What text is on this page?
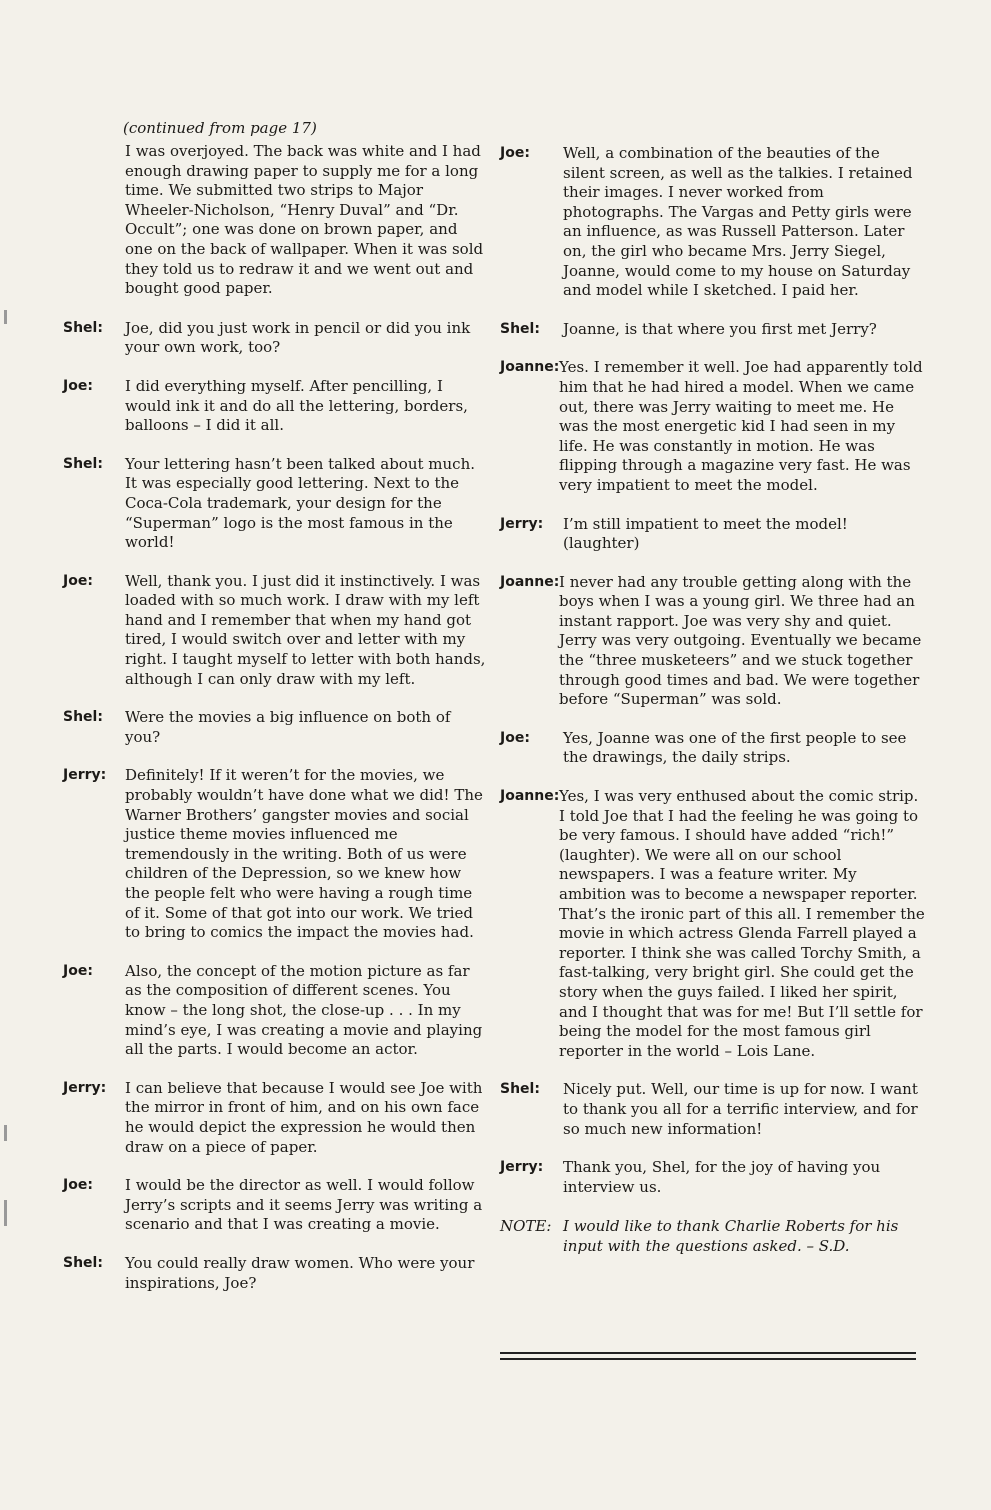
(continued from page 17)
I was overjoyed. The back was white and I had enough drawing paper to supply me for a long time. We submitted two strips to Major Wheeler-Nicholson, “Henry Duval” and “Dr. Occult”; one was done on brown paper, and one on the back of wallpaper. When it was sold they told us to redraw it and we went out and bought good paper.
Shel:	Joe, did you just work in pencil or did you ink your own work, too?
Joe:	I did everything myself. After pencilling, I would ink it and do all the lettering, borders, balloons – I did it all.
Shel:	Your lettering hasn’t been talked about much. It was especially good lettering. Next to the Coca-Cola trademark, your design for the “Superman” logo is the most famous in the world!
Joe:	Well, thank you. I just did it instinctively. I was loaded with so much work. I draw with my left hand and I remember that when my hand got tired, I would switch over and letter with my right. I taught myself to letter with both hands, although I can only draw with my left.
Shel:	Were the movies a big influence on both of you?
Jerry:	Definitely! If it weren’t for the movies, we probably wouldn’t have done what we did! The Warner Brothers’ gangster movies and social justice theme movies influenced me tremendously in the writing. Both of us were children of the Depression, so we knew how the people felt who were having a rough time of it. Some of that got into our work. We tried to bring to comics the impact the movies had.
Joe:	Also, the concept of the motion picture as far as the composition of different scenes. You know – the long shot, the close-up . . . In my mind’s eye, I was creating a movie and playing all the parts. I would become an actor.
Jerry:	I can believe that because I would see Joe with the mirror in front of him, and on his own face he would depict the expression he would then draw on a piece of paper.
Joe:	I would be the director as well. I would follow Jerry’s scripts and it seems Jerry was writing a scenario and that I was creating a movie.
Shel:	You could really draw women. Who were your inspirations, Joe?
Joe:	Well, a combination of the beauties of the silent screen, as well as the talkies. I retained their images. I never worked from photographs. The Vargas and Petty girls were an influence, as was Russell Patterson. Later on, the girl who became Mrs. Jerry Siegel, Joanne, would come to my house on Saturday and model while I sketched. I paid her.
Shel:	Joanne, is that where you first met Jerry?
Joanne: Yes. I remember it well. Joe had apparently told him that he had hired a model. When we came out, there was Jerry waiting to meet me. He was the most energetic kid I had seen in my life. He was constantly in motion. He was flipping through a magazine very fast. He was very impatient to meet the model.
Jerry:	I’m still impatient to meet the model! (laughter)
Joanne: I never had any trouble getting along with the boys when I was a young girl. We three had an instant rapport. Joe was very shy and quiet. Jerry was very outgoing. Eventually we became the “three musketeers” and we stuck together through good times and bad. We were together before “Superman” was sold.
Joe:	Yes, Joanne was one of the first people to see the drawings, the daily strips.
Joanne: Yes, I was very enthused about the comic strip. I told Joe that I had the feeling he was going to be very famous. I should have added “rich!” (laughter). We were all on our school newspapers. I was a feature writer. My ambition was to become a newspaper reporter. That’s the ironic part of this all. I remember the movie in which actress Glenda Farrell played a reporter. I think she was called Torchy Smith, a fast-talking, very bright girl. She could get the story when the guys failed. I liked her spirit, and I thought that was for me! But I’ll settle for being the model for the most famous girl reporter in the world – Lois Lane.
Shel:	Nicely put. Well, our time is up for now. I want to thank you all for a terrific interview, and for so much new information!
Jerry:	Thank you, Shel, for the joy of having you interview us.
NOTE: I would like to thank Charlie Roberts for his input with the questions asked. – S.D.
